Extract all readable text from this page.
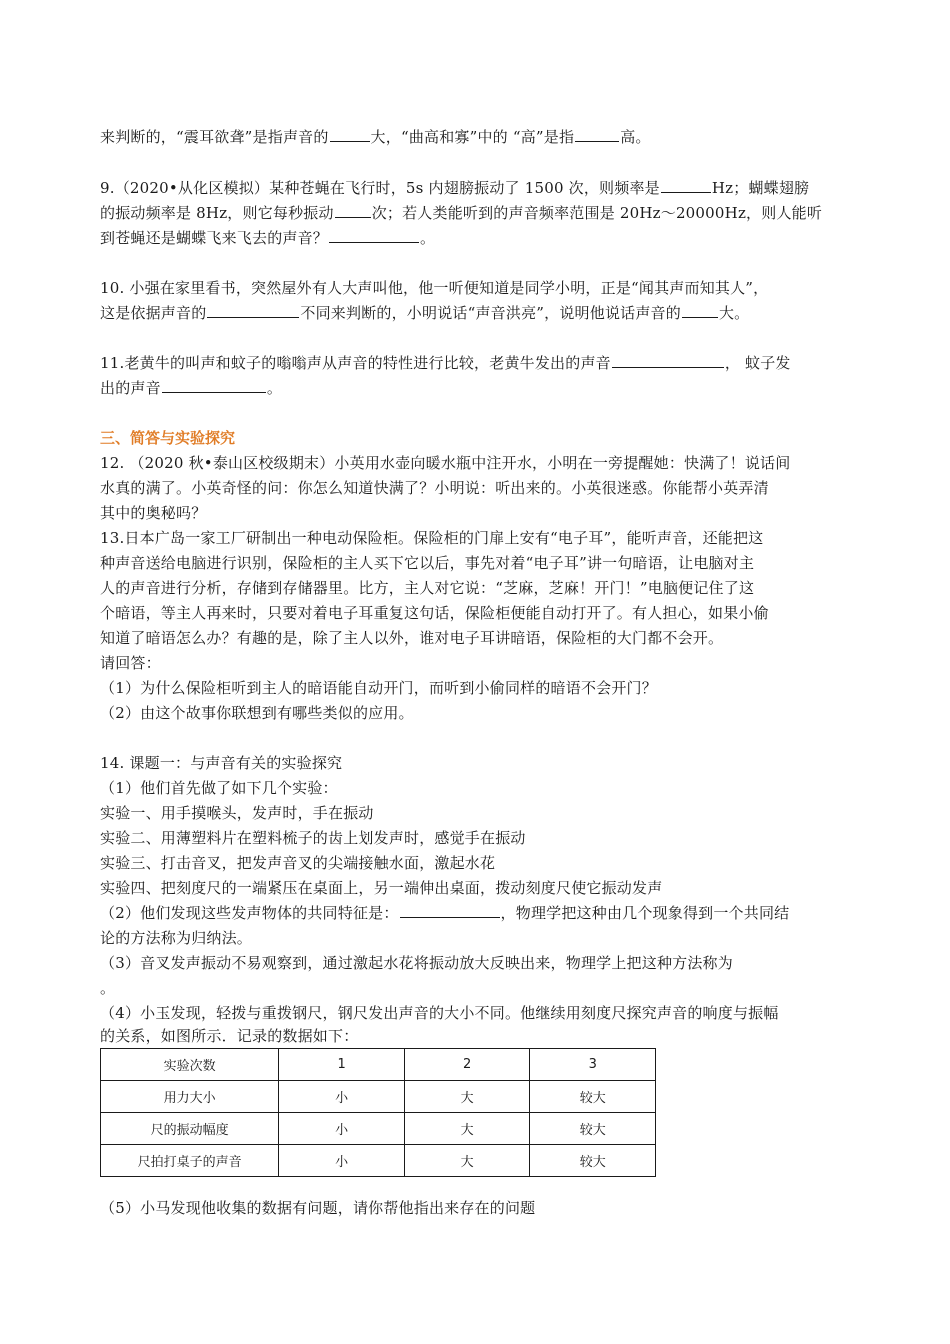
来判断的，“震耳欲聋”是指声音的	大，“曲高和寡”中的 “高”是指	高。
9.（2020•从化区模拟）某种苍蝇在飞行时，5s 内翅膀振动了 1500 次，则频率是	Hz；蝴蝶翅膀
的振动频率是 8Hz，则它每秒振动	次；若人类能听到的声音频率范围是 20Hz～20000Hz，则人能听
到苍蝇还是蝴蝶飞来飞去的声音？	。
10. 小强在家里看书，突然屋外有人大声叫他，他一听便知道是同学小明，正是“闻其声而知其人”，
这是依据声音的	不同来判断的，小明说话“声音洪亮”，说明他说话声音的	大。
11.老黄牛的叫声和蚊子的嗡嗡声从声音的特性进行比较，老黄牛发出的声音	， 蚊子发
出的声音	。
三、简答与实验探究
12. （2020 秋•泰山区校级期末）小英用水壶向暖水瓶中注开水，小明在一旁提醒她：快满了！说话间
水真的满了。小英奇怪的问：你怎么知道快满了？小明说：听出来的。小英很迷惑。你能帮小英弄清
其中的奥秘吗？
13.日本广岛一家工厂研制出一种电动保险柜。保险柜的门扉上安有“电子耳”，能听声音，还能把这
种声音送给电脑进行识别，保险柜的主人买下它以后，事先对着“电子耳”讲一句暗语，让电脑对主
人的声音进行分析，存储到存储器里。比方，主人对它说：“芝麻，芝麻！开门！”电脑便记住了这
个暗语，等主人再来时，只要对着电子耳重复这句话，保险柜便能自动打开了。有人担心，如果小偷
知道了暗语怎么办？有趣的是，除了主人以外，谁对电子耳讲暗语，保险柜的大门都不会开。
请回答：
（1）为什么保险柜听到主人的暗语能自动开门，而听到小偷同样的暗语不会开门？
（2）由这个故事你联想到有哪些类似的应用。
14. 课题一：与声音有关的实验探究
（1）他们首先做了如下几个实验：
实验一、用手摸喉头，发声时，手在振动
实验二、用薄塑料片在塑料梳子的齿上划发声时，感觉手在振动
实验三、打击音叉，把发声音叉的尖端接触水面，激起水花
实验四、把刻度尺的一端紧压在桌面上，另一端伸出桌面，拨动刻度尺使它振动发声
（2）他们发现这些发声物体的共同特征是：	，物理学把这种由几个现象得到一个共同结
论的方法称为归纳法。
（3）音叉发声振动不易观察到，通过激起水花将振动放大反映出来，物理学上把这种方法称为
。
（4）小玉发现，轻拨与重拨钢尺，钢尺发出声音的大小不同。他继续用刻度尺探究声音的响度与振幅
的关系，如图所示．记录的数据如下：
实验次数	1	2	3
用力大小	小	大	较大
尺的振动幅度	小	大	较大
尺拍打桌子的声音	小	大	较大
（5）小马发现他收集的数据有问题，请你帮他指出来存在的问题
